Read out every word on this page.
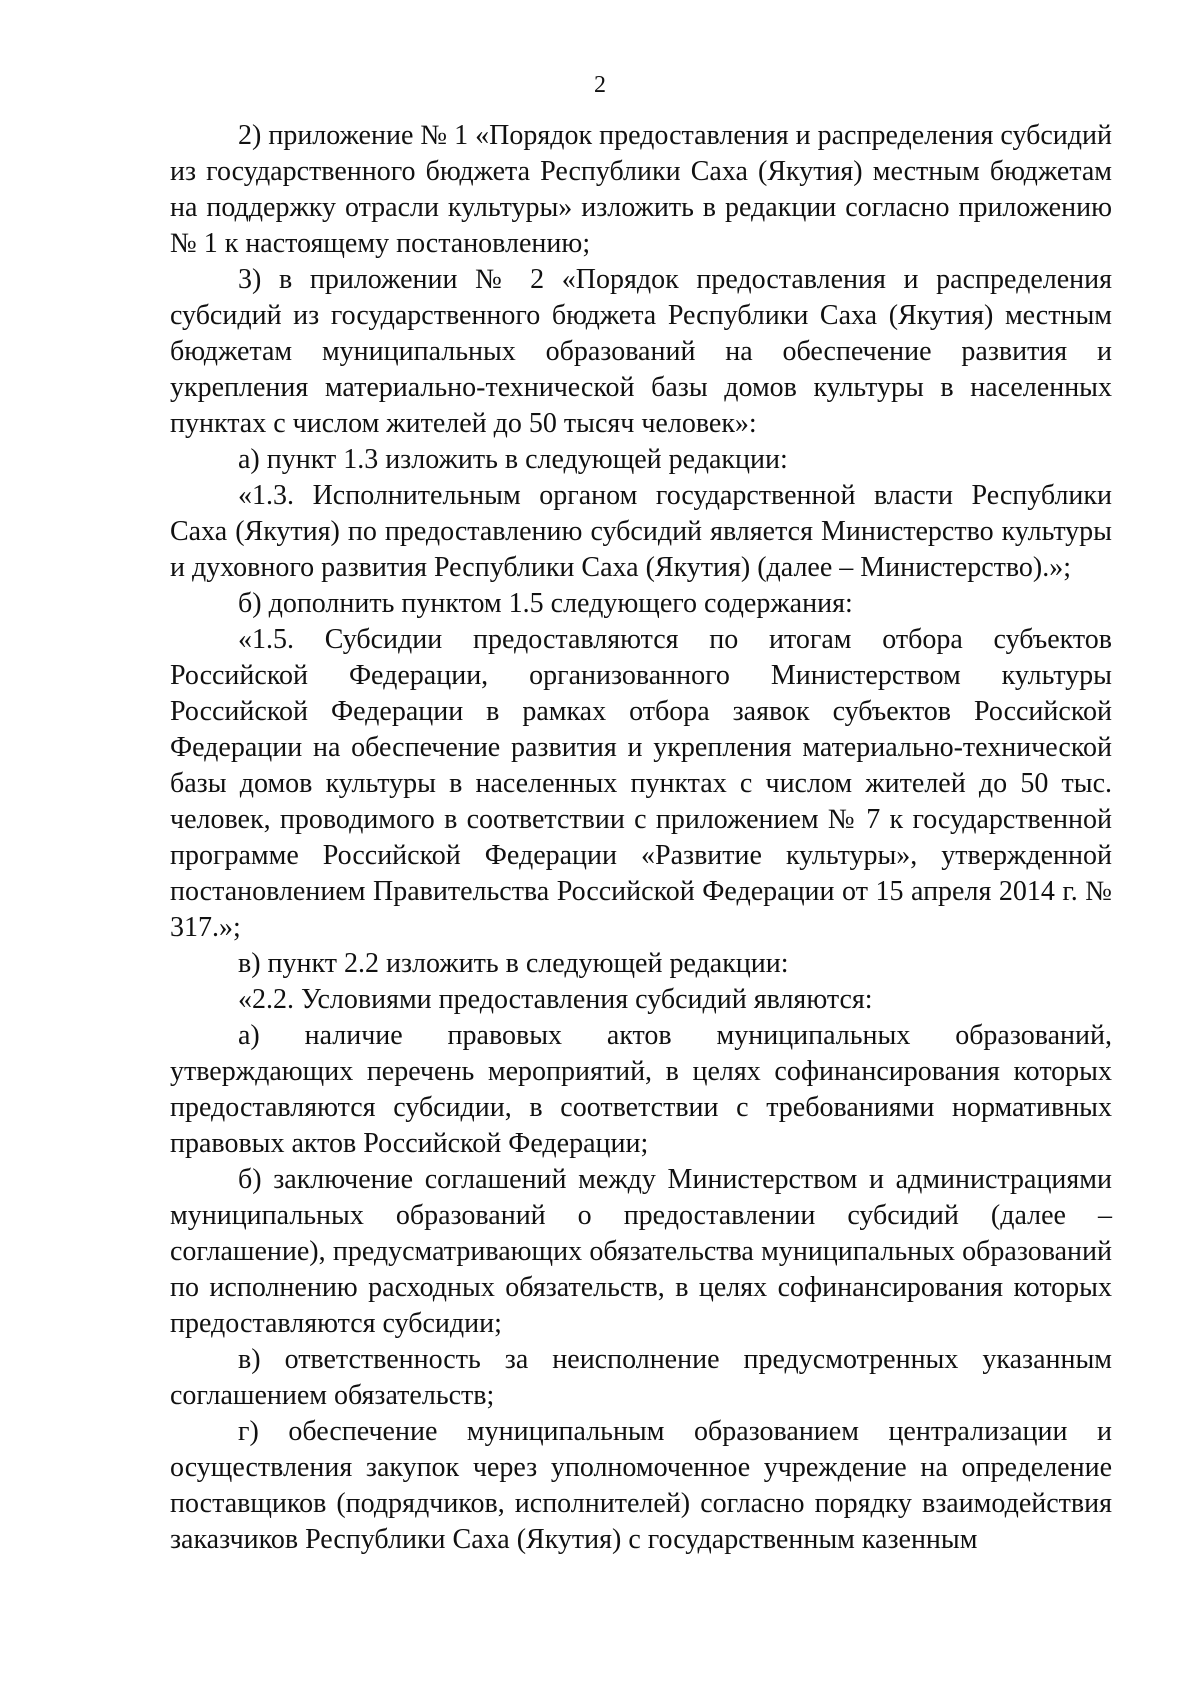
2

2) приложение № 1 «Порядок предоставления и распределения субсидий из государственного бюджета Республики Саха (Якутия) местным бюджетам на поддержку отрасли культуры» изложить в редакции согласно приложению № 1 к настоящему постановлению;

3) в приложении № 2 «Порядок предоставления и распределения субсидий из государственного бюджета Республики Саха (Якутия) местным бюджетам муниципальных образований на обеспечение развития и укрепления материально-технической базы домов культуры в населенных пунктах с числом жителей до 50 тысяч человек»:

а) пункт 1.3 изложить в следующей редакции:

«1.3. Исполнительным органом государственной власти Республики Саха (Якутия) по предоставлению субсидий является Министерство культуры и духовного развития Республики Саха (Якутия) (далее – Министерство).»;

б) дополнить пунктом 1.5 следующего содержания:

«1.5. Субсидии предоставляются по итогам отбора субъектов Российской Федерации, организованного Министерством культуры Российской Федерации в рамках отбора заявок субъектов Российской Федерации на обеспечение развития и укрепления материально-технической базы домов культуры в населенных пунктах с числом жителей до 50 тыс. человек, проводимого в соответствии с приложением № 7 к государственной программе Российской Федерации «Развитие культуры», утвержденной постановлением Правительства Российской Федерации от 15 апреля 2014 г. № 317.»;

в) пункт 2.2 изложить в следующей редакции:

«2.2. Условиями предоставления субсидий являются:

а) наличие правовых актов муниципальных образований, утверждающих перечень мероприятий, в целях софинансирования которых предоставляются субсидии, в соответствии с требованиями нормативных правовых актов Российской Федерации;

б) заключение соглашений между Министерством и администрациями муниципальных образований о предоставлении субсидий (далее – соглашение), предусматривающих обязательства муниципальных образований по исполнению расходных обязательств, в целях софинансирования которых предоставляются субсидии;

в) ответственность за неисполнение предусмотренных указанным соглашением обязательств;

г) обеспечение муниципальным образованием централизации и осуществления закупок через уполномоченное учреждение на определение поставщиков (подрядчиков, исполнителей) согласно порядку взаимодействия заказчиков Республики Саха (Якутия) с государственным казенным
